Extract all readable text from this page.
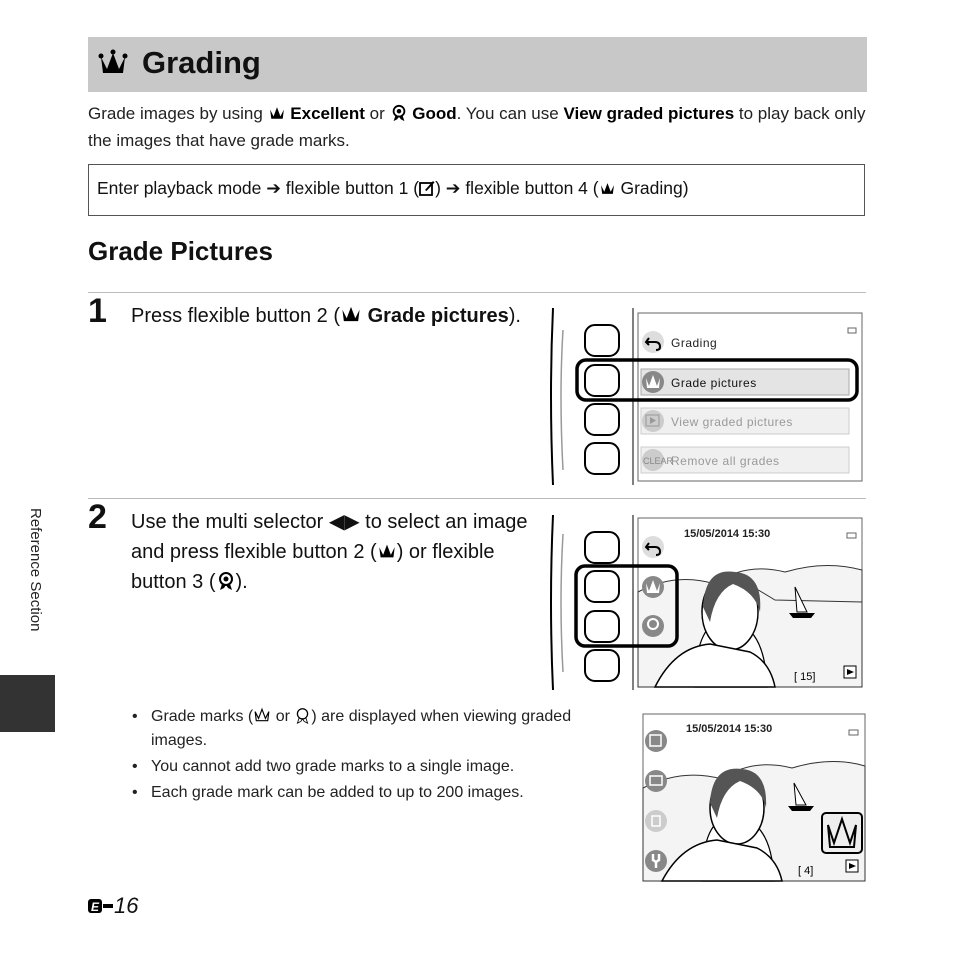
Grading
Grade images by using  Excellent or  Good. You can use View graded pictures to play back only the images that have grade marks.
Enter playback mode ➔ flexible button 1 ( ) ➔ flexible button 4 ( Grading)
Grade Pictures
1 Press flexible button 2 ( Grade pictures).
Grading
Grade pictures
View graded pictures
CLEAR
Remove all grades
2 Use the multi selector ◀▶ to select an image and press flexible button 2 ( ) or flexible button 3 ( ).
15/05/2014 15:30
[ 15]
• Grade marks ( or ) are displayed when viewing graded images.
• You cannot add two grade marks to a single image.
• Each grade mark can be added to up to 200 images.
15/05/2014 15:30
[ 4]
Reference Section
E 16
